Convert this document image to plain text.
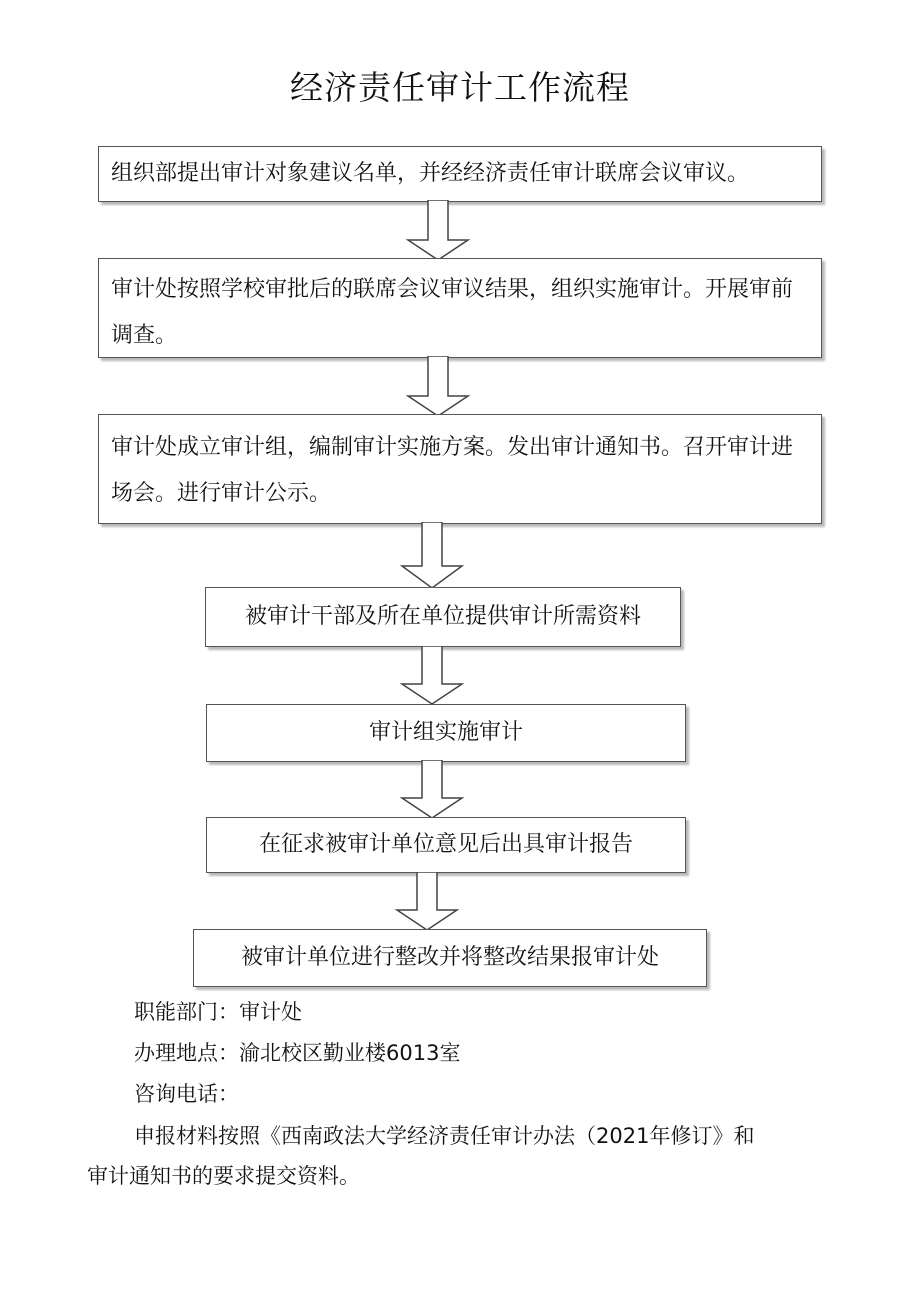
经济责任审计工作流程
组织部提出审计对象建议名单，并经经济责任审计联席会议审议。
审计处按照学校审批后的联席会议审议结果，组织实施审计。开展审前调查。
审计处成立审计组，编制审计实施方案。发出审计通知书。召开审计进场会。进行审计公示。
被审计干部及所在单位提供审计所需资料
审计组实施审计
在征求被审计单位意见后出具审计报告
被审计单位进行整改并将整改结果报审计处
职能部门：审计处
办理地点：渝北校区勤业楼6013室
咨询电话：
申报材料按照《西南政法大学经济责任审计办法（2021年修订》和
审计通知书的要求提交资料。
